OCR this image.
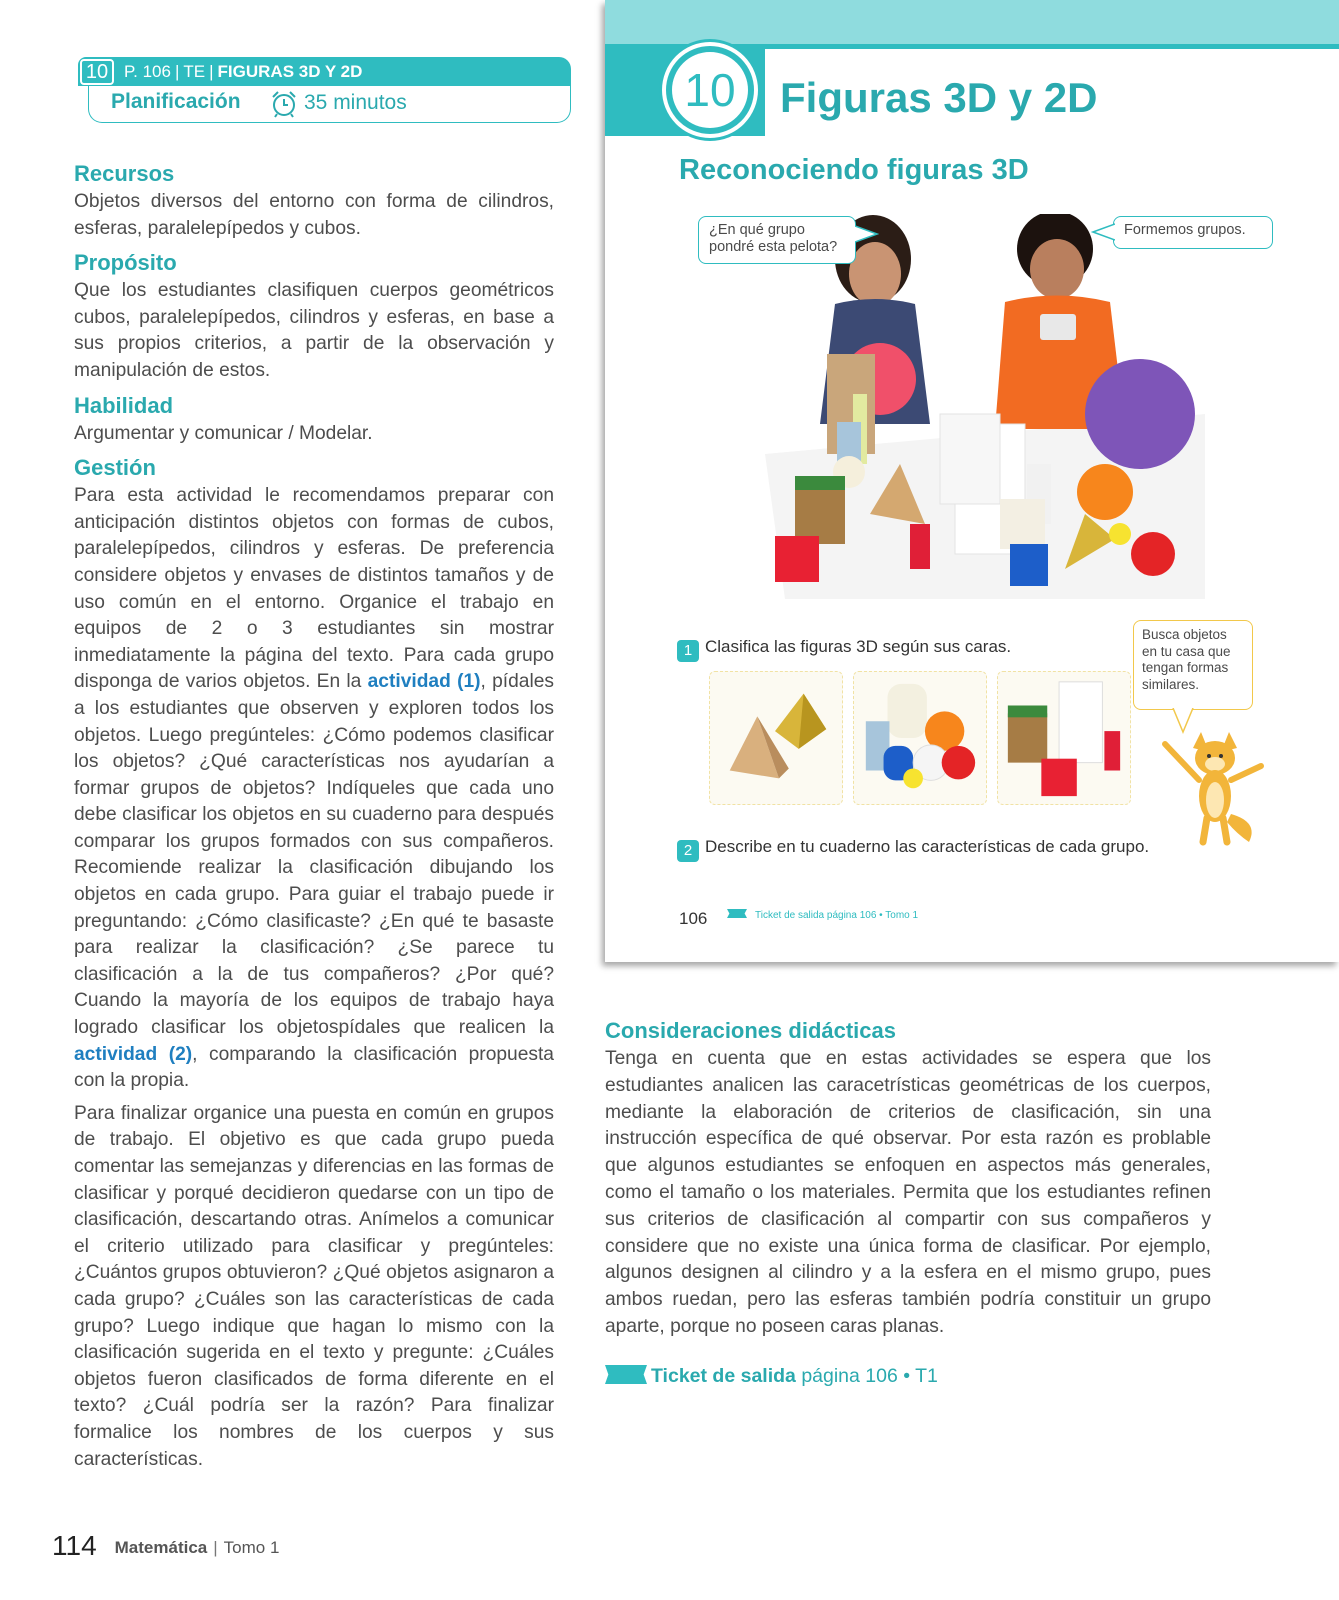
10 P. 106 | TE | FIGURAS 3D Y 2D
Planificación	35 minutos
Recursos

Objetos diversos del entorno con forma de cilindros, esferas, paralelepípedos y cubos.

Propósito

Que los estudiantes clasifiquen cuerpos geométricos cubos, paralelepípedos, cilindros y esferas, en base a sus propios criterios, a partir de la observación y manipulación de estos.

Habilidad

Argumentar y comunicar / Modelar.

Gestión

Para esta actividad le recomendamos preparar con anticipación distintos objetos con formas de cubos, paralelepípedos, cilindros y esferas. De preferencia considere objetos y envases de distintos tamaños y de uso común en el entorno. Organice el trabajo en equipos de 2 o 3 estudiantes sin mostrar inmediatamente la página del texto. Para cada grupo disponga de varios objetos. En la actividad (1), pídales a los estudiantes que observen y exploren todos los objetos. Luego pregúnteles: ¿Cómo podemos clasificar los objetos? ¿Qué características nos ayudarían a formar grupos de objetos? Indíqueles que cada uno debe clasificar los objetos en su cuaderno para después comparar los grupos formados con sus compañeros. Recomiende realizar la clasificación dibujando los objetos en cada grupo. Para guiar el trabajo puede ir preguntando: ¿Cómo clasificaste? ¿En qué te basaste para realizar la clasificación? ¿Se parece tu clasificación a la de tus compañeros? ¿Por qué? Cuando la mayoría de los equipos de trabajo haya logrado clasificar los objetospídales que realicen la actividad (2), comparando la clasificación propuesta con la propia.

Para finalizar organice una puesta en común en grupos de trabajo. El objetivo es que cada grupo pueda comentar las semejanzas y diferencias en las formas de clasificar y porqué decidieron quedarse con un tipo de clasificación, descartando otras. Anímelos a comunicar el criterio utilizado para clasificar y pregúnteles: ¿Cuántos grupos obtuvieron? ¿Qué objetos asignaron a cada grupo? ¿Cuáles son las características de cada grupo? Luego indique que hagan lo mismo con la clasificación sugerida en el texto y pregunte: ¿Cuáles objetos fueron clasificados de forma diferente en el texto? ¿Cuál podría ser la razón? Para finalizar formalice los nombres de los cuerpos y sus características.

10 Figuras 3D y 2D
Reconociendo figuras 3D
¿En qué grupo pondré esta pelota?
Formemos grupos.
1 Clasifica las figuras 3D según sus caras.
Busca objetos en tu casa que tengan formas similares.
2 Describe en tu cuaderno las características de cada grupo.
106	Ticket de salida página 106 • Tomo 1
Consideraciones didácticas

Tenga en cuenta que en estas actividades se espera que los estudiantes analicen las caracetrísticas geométricas de los cuerpos, mediante la elaboración de criterios de clasificación, sin una instrucción específica de qué observar. Por esta razón es problable que algunos estudiantes se enfoquen en aspectos más generales, como el tamaño o los materiales. Permita que los estudiantes refinen sus criterios de clasificación al compartir con sus compañeros y considere que no existe una única forma de clasificar. Por ejemplo, algunos designen al cilindro y a la esfera en el mismo grupo, pues ambos ruedan, pero las esferas también podría constituir un grupo aparte, porque no poseen caras planas.

Ticket de salida página 106 • T1
114 Matemática | Tomo 1
